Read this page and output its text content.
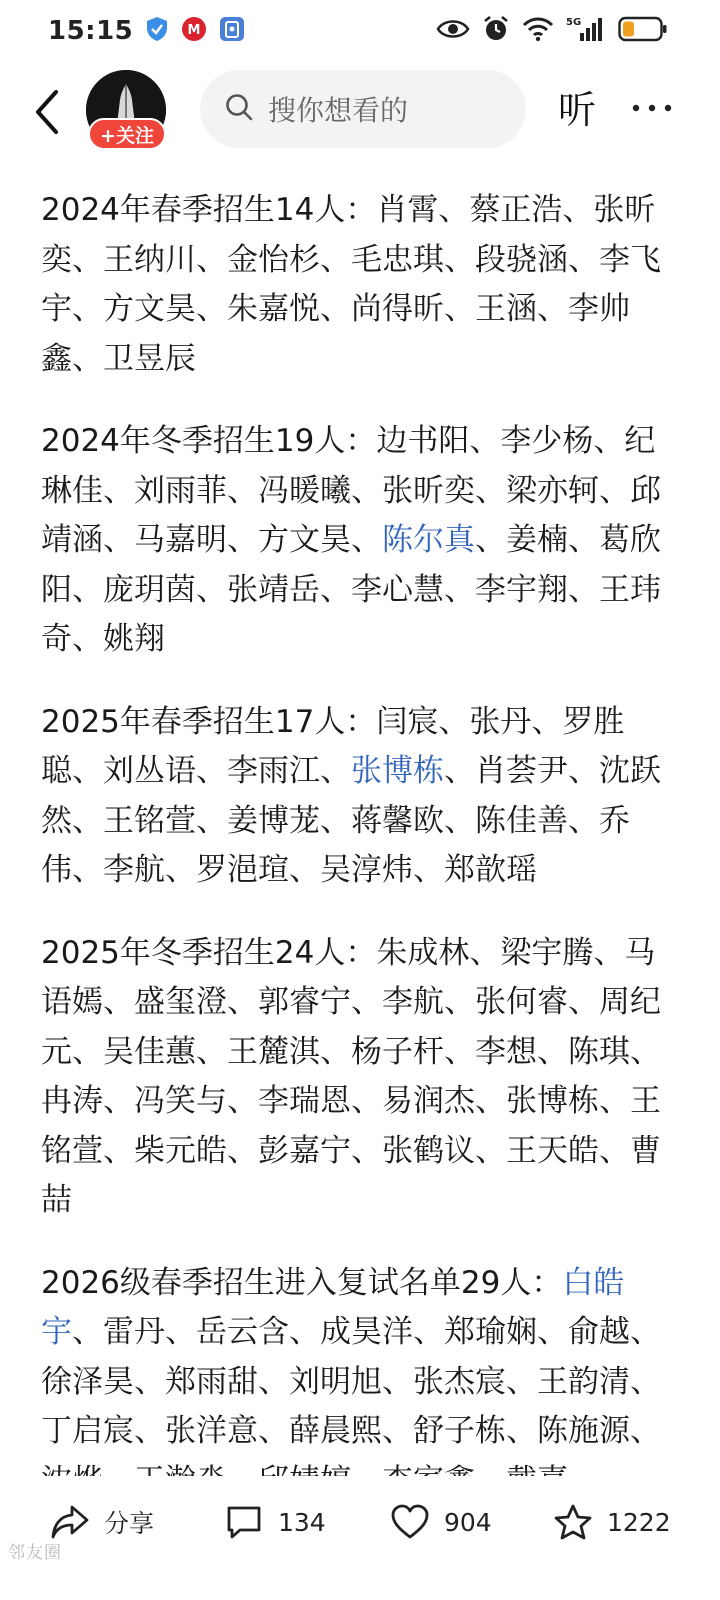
15:15	M
5G
+关注
搜你想看的	听

2024年春季招生14人：肖霄、蔡正浩、张昕奕、王纳川、金怡杉、毛忠琪、段骁涵、李飞宇、方文昊、朱嘉悦、尚得昕、王涵、李帅鑫、卫昱辰

2024年冬季招生19人：边书阳、李少杨、纪琳佳、刘雨菲、冯暖曦、张昕奕、梁亦轲、邱靖涵、马嘉明、方文昊、陈尔真、姜楠、葛欣阳、庞玥茵、张靖岳、李心慧、李宇翔、王玮奇、姚翔

2025年春季招生17人：闫宸、张丹、罗胜聪、刘丛语、李雨江、张博栋、肖荟尹、沈跃然、王铭萱、姜博茏、蒋馨欧、陈佳善、乔伟、李航、罗浥瑄、吴淳炜、郑歆瑶

2025年冬季招生24人：朱成林、梁宇腾、马语嫣、盛玺澄、郭睿宁、李航、张何睿、周纪元、吴佳蕙、王麓淇、杨子杆、李想、陈琪、冉涛、冯笑与、李瑞恩、易润杰、张博栋、王铭萱、柴元皓、彭嘉宁、张鹤议、王天皓、曹喆

2026级春季招生进入复试名单29人：白皓宇、雷丹、岳云含、成昊洋、郑瑜娴、俞越、徐泽昊、郑雨甜、刘明旭、张杰宸、王韵清、丁启宸、张洋意、薛晨熙、舒子栋、陈施源、

分享	134	904	1222
邻友圈
